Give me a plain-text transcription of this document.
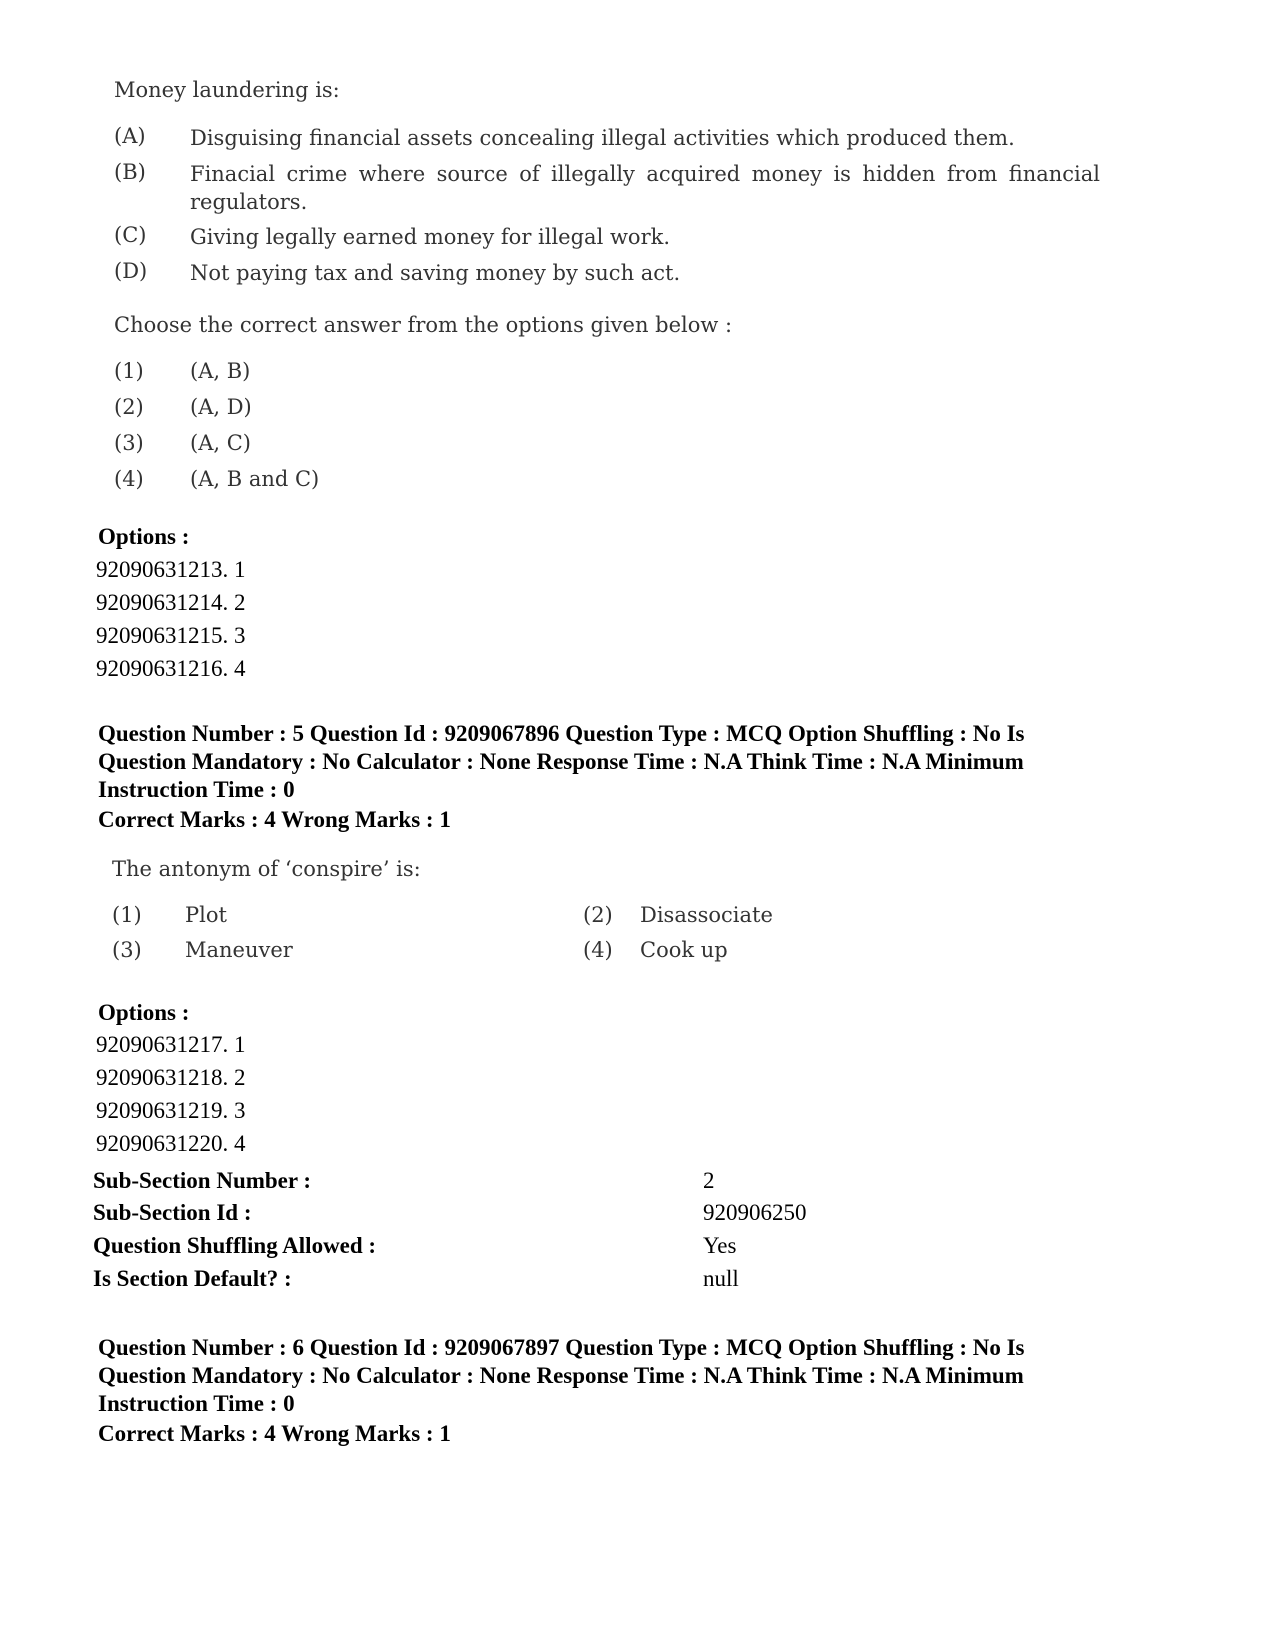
Money laundering is:
(A) Disguising financial assets concealing illegal activities which produced them.
(B) Finacial crime where source of illegally acquired money is hidden from financial regulators.
(C) Giving legally earned money for illegal work.
(D) Not paying tax and saving money by such act.
Choose the correct answer from the options given below :
(1) (A, B)
(2) (A, D)
(3) (A, C)
(4) (A, B and C)
Options :
92090631213. 1
92090631214. 2
92090631215. 3
92090631216. 4
Question Number : 5 Question Id : 9209067896 Question Type : MCQ Option Shuffling : No Is Question Mandatory : No Calculator : None Response Time : N.A Think Time : N.A Minimum Instruction Time : 0
Correct Marks : 4 Wrong Marks : 1
The antonym of ‘conspire’ is:
(1) Plot	(2) Disassociate
(3) Maneuver	(4) Cook up
Options :
92090631217. 1
92090631218. 2
92090631219. 3
92090631220. 4
Sub-Section Number :	2
Sub-Section Id :	920906250
Question Shuffling Allowed :	Yes
Is Section Default? :	null
Question Number : 6 Question Id : 9209067897 Question Type : MCQ Option Shuffling : No Is Question Mandatory : No Calculator : None Response Time : N.A Think Time : N.A Minimum Instruction Time : 0
Correct Marks : 4 Wrong Marks : 1
